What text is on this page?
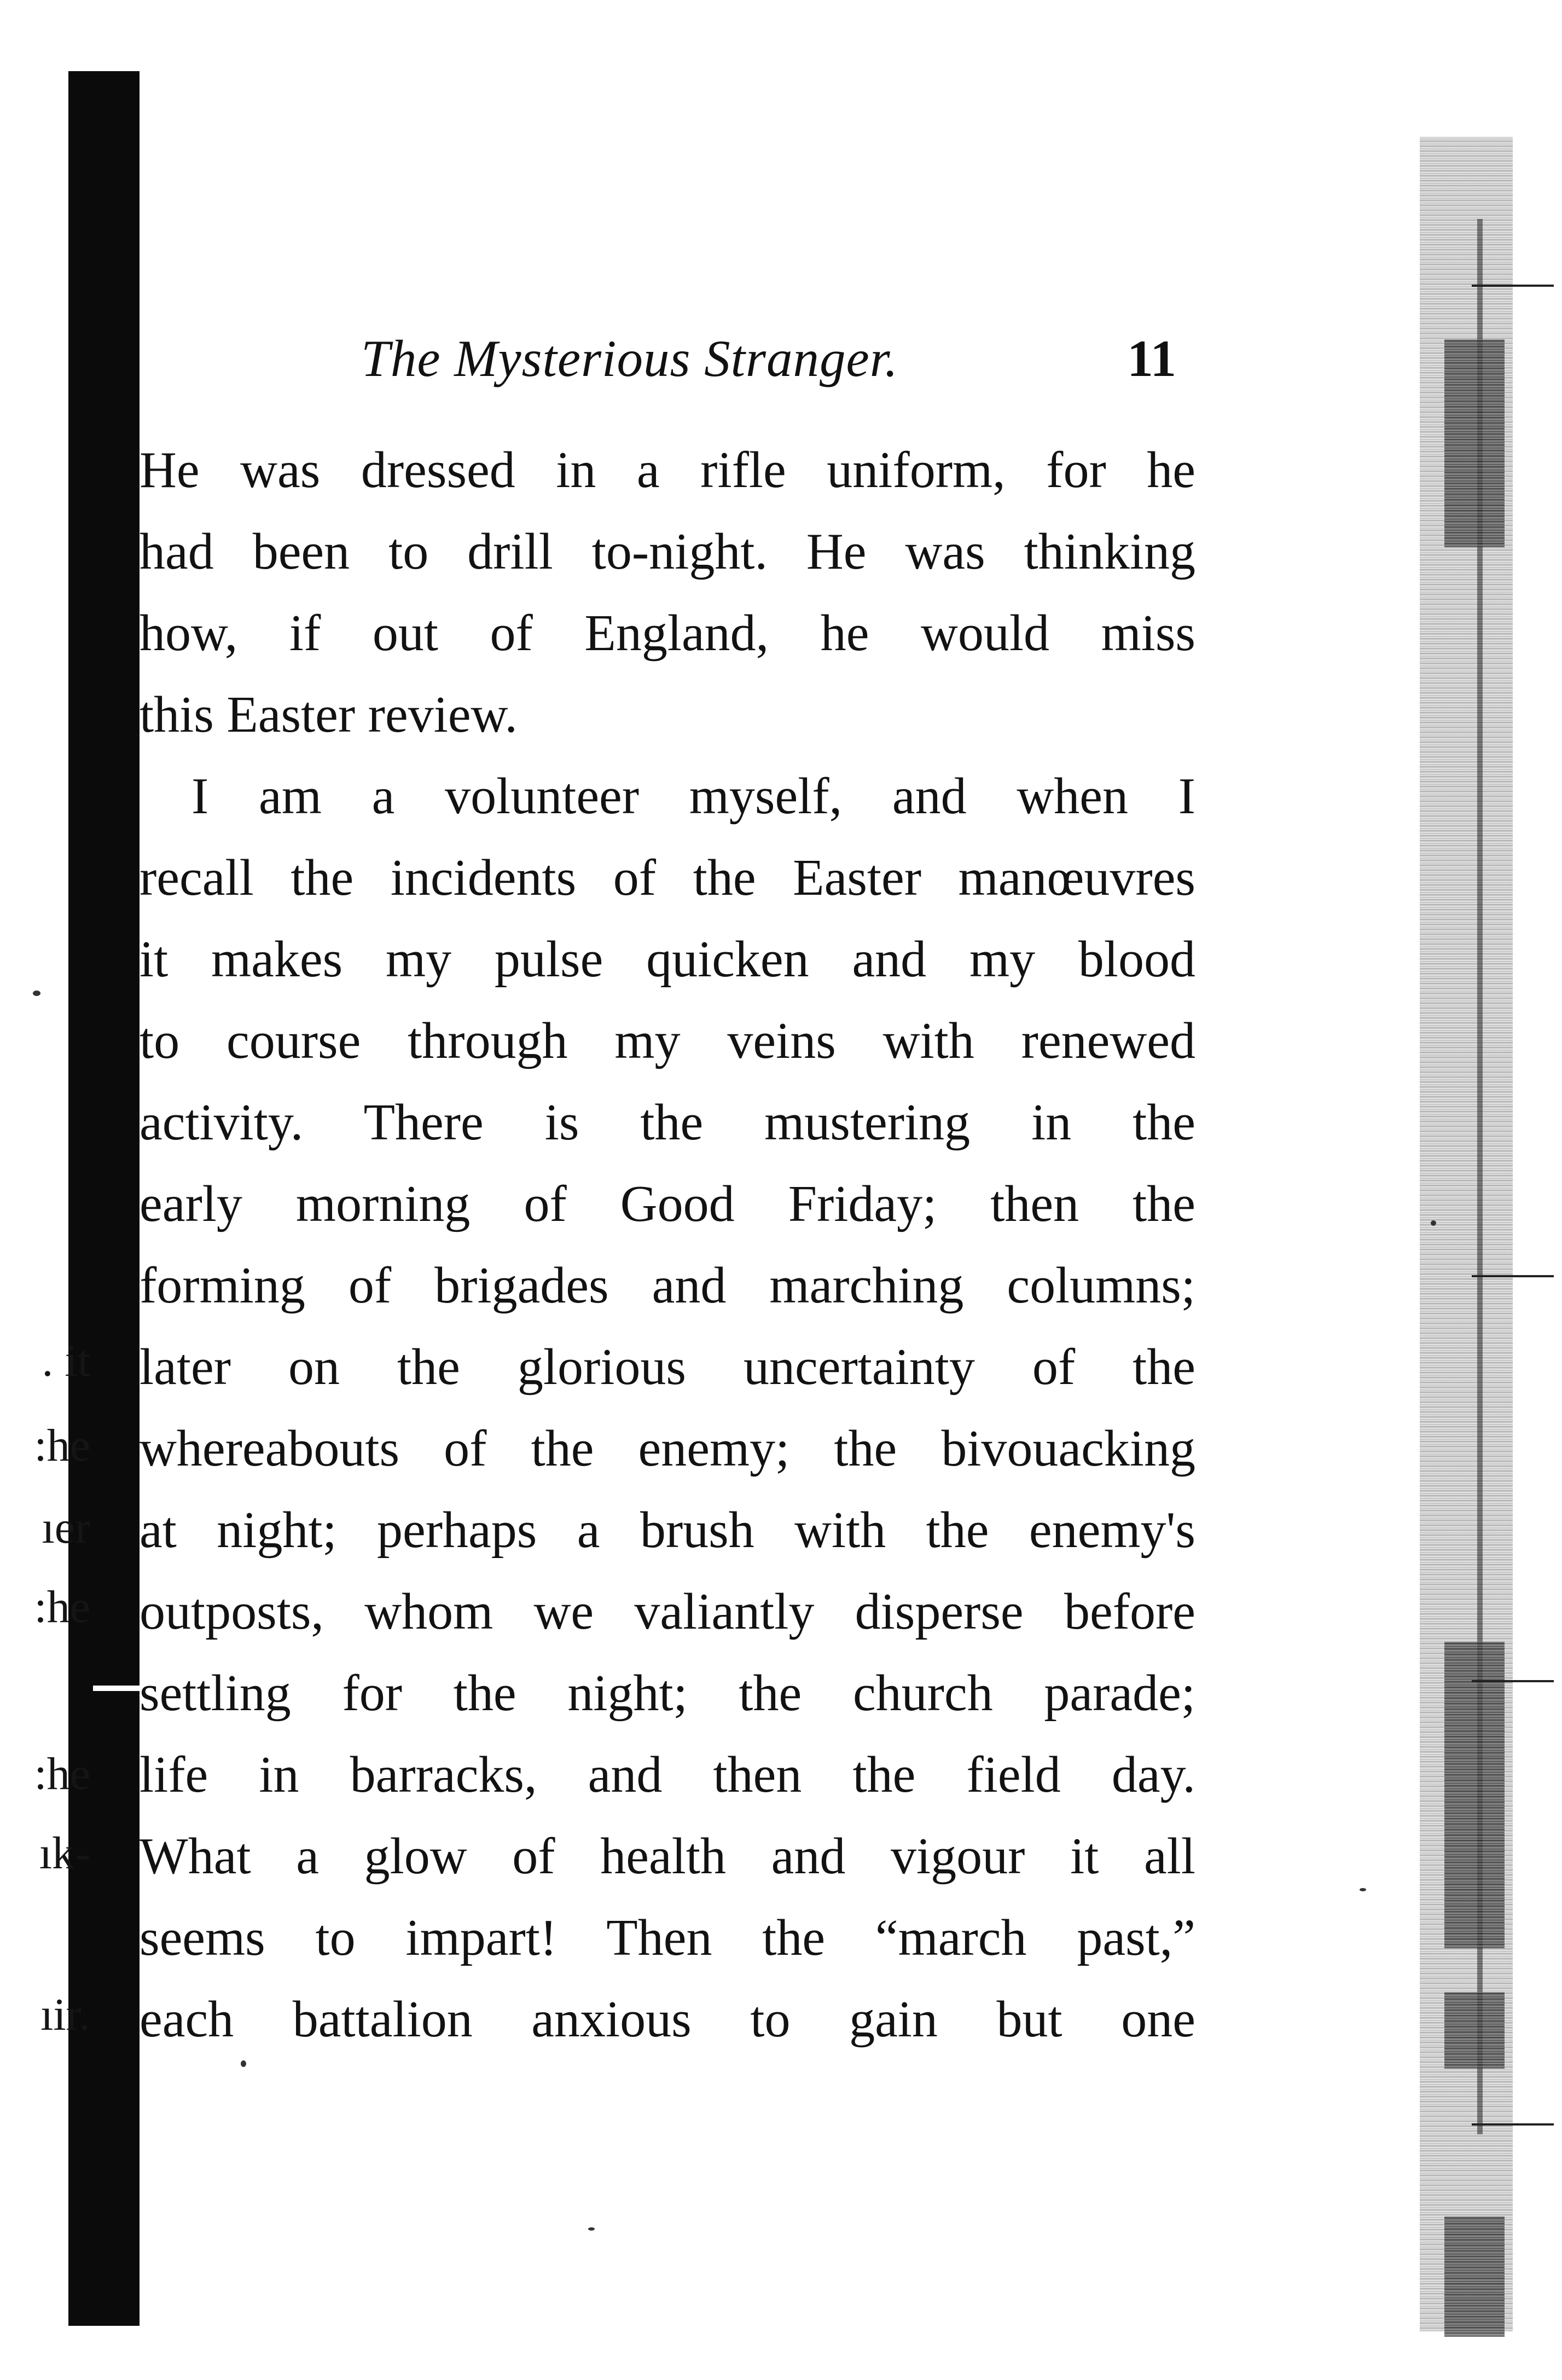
. it
:he
ıer
:he
:he
ık-
ıir.
The Mysterious Stranger.	11
He was dressed in a rifle uniform, for he
had been to drill to-night. He was thinking
how, if out of England, he would miss
this Easter review.
I am a volunteer myself, and when I
recall the incidents of the Easter manœuvres
it makes my pulse quicken and my blood
to course through my veins with renewed
activity. There is the mustering in the
early morning of Good Friday; then the
forming of brigades and marching columns;
later on the glorious uncertainty of the
whereabouts of the enemy; the bivouacking
at night; perhaps a brush with the enemy's
outposts, whom we valiantly disperse before
settling for the night; the church parade;
life in barracks, and then the field day.
What a glow of health and vigour it all
seems to impart! Then the “march past,”
each battalion anxious to gain but one
